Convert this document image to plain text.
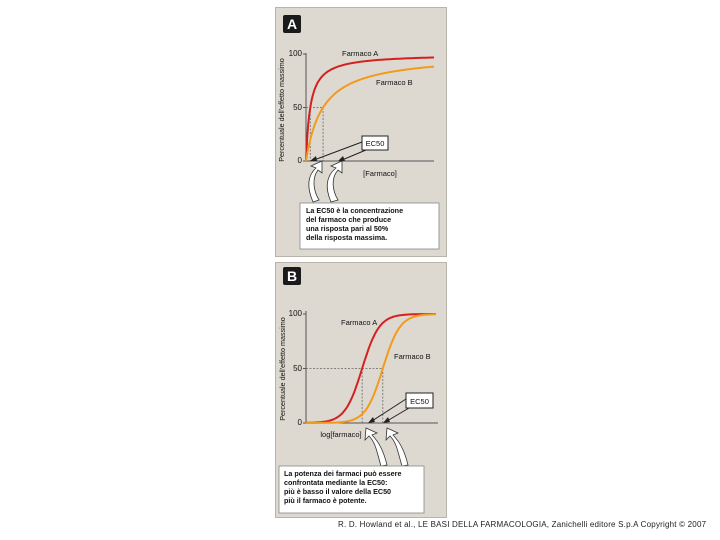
A
Percentuale dell'effetto massimo
100
50
0
Farmaco A
Farmaco B
EC50
[Farmaco]
La EC50 è la concentrazione del farmaco che produce una risposta pari al 50% della risposta massima.
B
Percentuale dell'effetto massimo
100
50
0
Farmaco A
Farmaco B
EC50
log[farmaco]
La potenza dei farmaci può essere confrontata mediante la EC50: più è basso il valore della EC50 più il farmaco è potente.
R. D. Howland et al., LE BASI DELLA FARMACOLOGIA, Zanichelli editore S.p.A Copyright © 2007
